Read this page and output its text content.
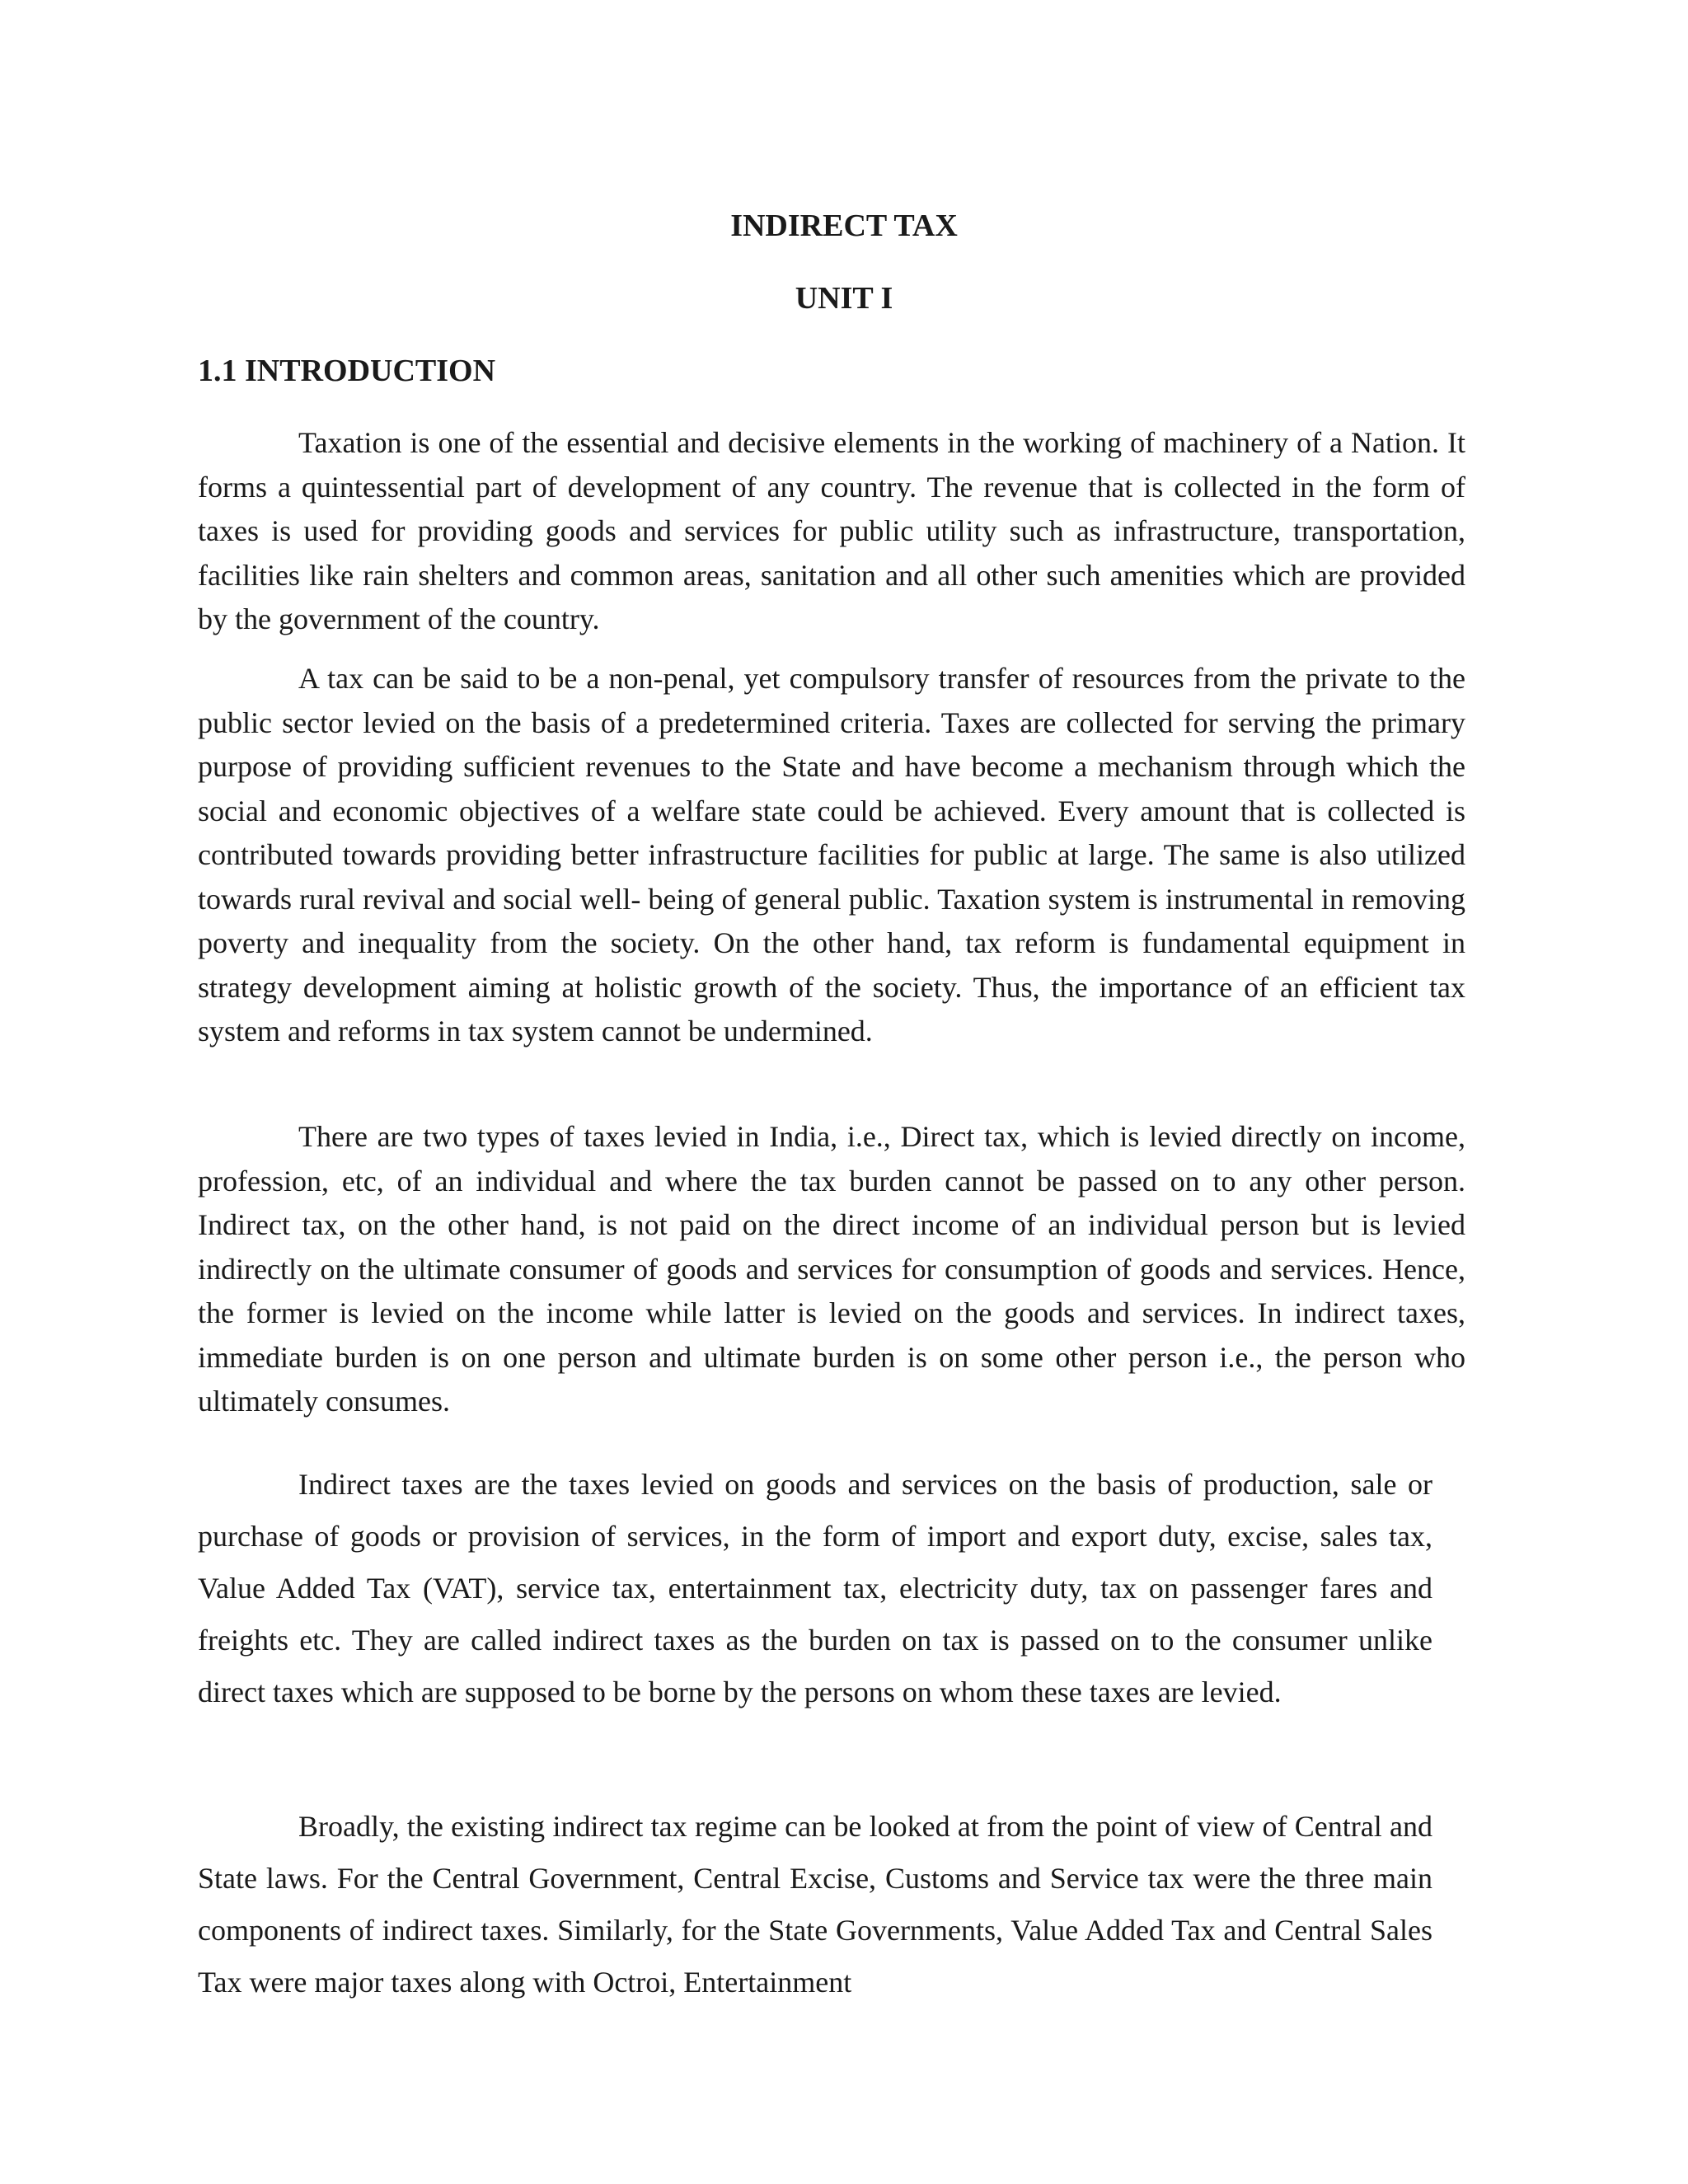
INDIRECT TAX
UNIT I
1.1 INTRODUCTION

Taxation is one of the essential and decisive elements in the working of machinery of a Nation. It forms a quintessential part of development of any country. The revenue that is collected in the form of taxes is used for providing goods and services for public utility such as infrastructure, transportation, facilities like rain shelters and common areas, sanitation and all other such amenities which are provided by the government of the country.

A tax can be said to be a non-penal, yet compulsory transfer of resources from the private to the public sector levied on the basis of a predetermined criteria. Taxes are collected for serving the primary purpose of providing sufficient revenues to the State and have become a mechanism through which the social and economic objectives of a welfare state could be achieved. Every amount that is collected is contributed towards providing better infrastructure facilities for public at large. The same is also utilized towards rural revival and social well- being of general public. Taxation system is instrumental in removing poverty and inequality from the society. On the other hand, tax reform is fundamental equipment in strategy development aiming at holistic growth of the society. Thus, the importance of an efficient tax system and reforms in tax system cannot be undermined.

There are two types of taxes levied in India, i.e., Direct tax, which is levied directly on income, profession, etc, of an individual and where the tax burden cannot be passed on to any other person. Indirect tax, on the other hand, is not paid on the direct income of an individual person but is levied indirectly on the ultimate consumer of goods and services for consumption of goods and services. Hence, the former is levied on the income while latter is levied on the goods and services. In indirect taxes, immediate burden is on one person and ultimate burden is on some other person i.e., the person who ultimately consumes.

Indirect taxes are the taxes levied on goods and services on the basis of production, sale or purchase of goods or provision of services, in the form of import and export duty, excise, sales tax, Value Added Tax (VAT), service tax, entertainment tax, electricity duty, tax on passenger fares and freights etc. They are called indirect taxes as the burden on tax is passed on to the consumer unlike direct taxes which are supposed to be borne by the persons on whom these taxes are levied.

Broadly, the existing indirect tax regime can be looked at from the point of view of Central and State laws. For the Central Government, Central Excise, Customs and Service tax were the three main components of indirect taxes. Similarly, for the State Governments, Value Added Tax and Central Sales Tax were major taxes along with Octroi, Entertainment
